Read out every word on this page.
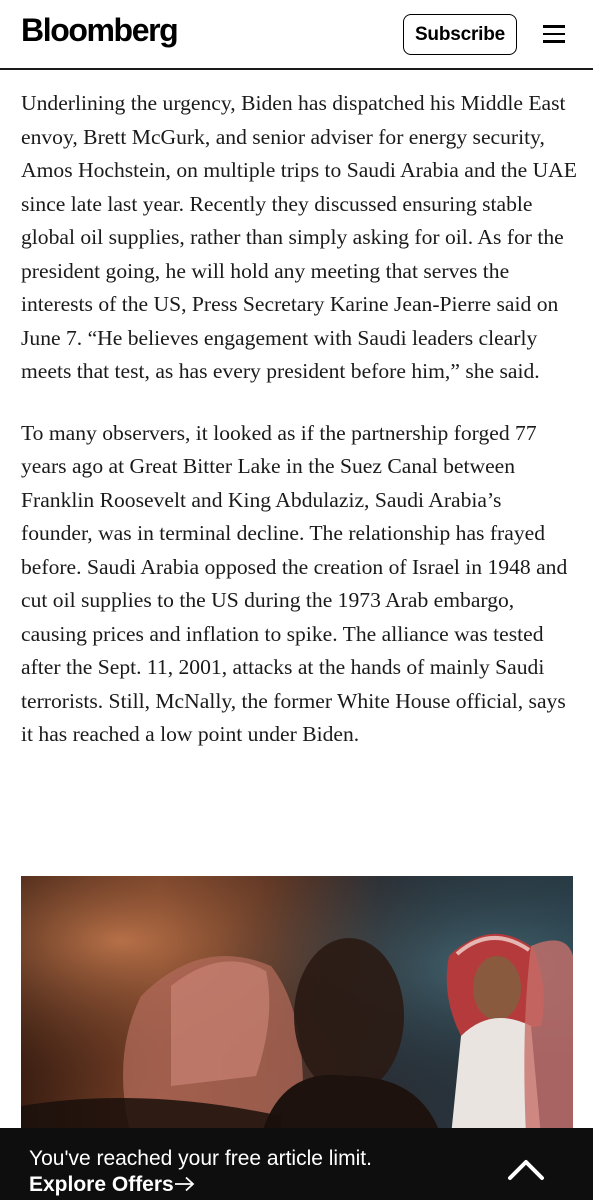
Bloomberg	Subscribe

Underlining the urgency, Biden has dispatched his Middle East envoy, Brett McGurk, and senior adviser for energy security, Amos Hochstein, on multiple trips to Saudi Arabia and the UAE since late last year. Recently they discussed ensuring stable global oil supplies, rather than simply asking for oil. As for the president going, he will hold any meeting that serves the interests of the US, Press Secretary Karine Jean-Pierre said on June 7. “He believes engagement with Saudi leaders clearly meets that test, as has every president before him,” she said.

To many observers, it looked as if the partnership forged 77 years ago at Great Bitter Lake in the Suez Canal between Franklin Roosevelt and King Abdulaziz, Saudi Arabia’s founder, was in terminal decline. The relationship has frayed before. Saudi Arabia opposed the creation of Israel in 1948 and cut oil supplies to the US during the 1973 Arab embargo, causing prices and inflation to spike. The alliance was tested after the Sept. 11, 2001, attacks at the hands of mainly Saudi terrorists. Still, McNally, the former White House official, says it has reached a low point under Biden.

You've reached your free article limit. Explore Offers
